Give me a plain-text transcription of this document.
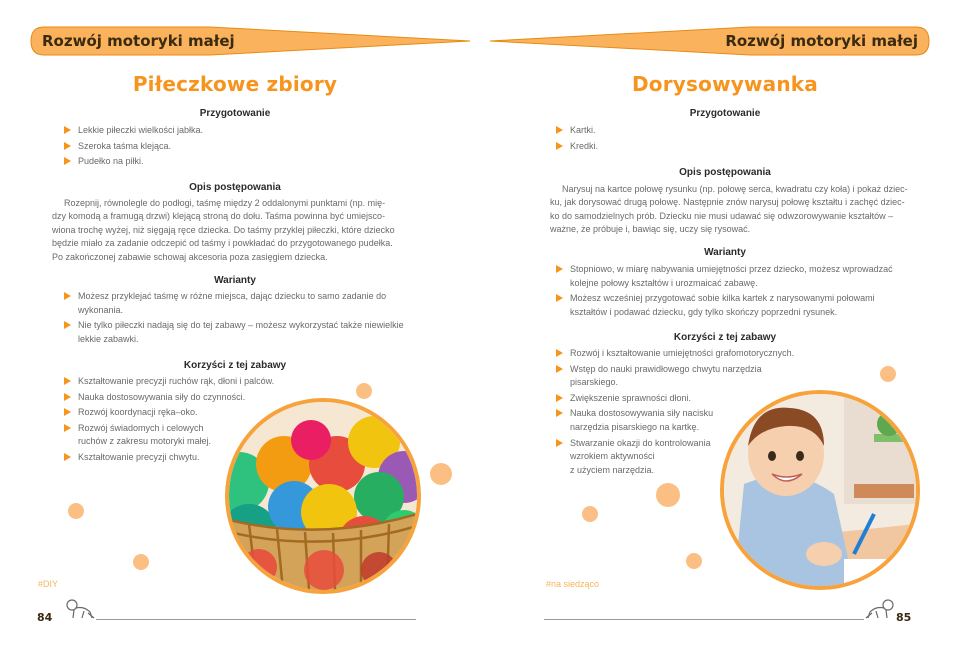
Rozwój motoryki małej
Piłeczkowe zbiory
Przygotowanie
Lekkie piłeczki wielkości jabłka.
Szeroka taśma klejąca.
Pudełko na piłki.
Opis postępowania
Rozepnij, równolegle do podłogi, taśmę między 2 oddalonymi punktami (np. mię-
dzy komodą a framugą drzwi) klejącą stroną do dołu. Taśma powinna być umiejsco-
wiona trochę wyżej, niż sięgają ręce dziecka. Do taśmy przyklej piłeczki, które dziecko
będzie miało za zadanie odczepić od taśmy i powkładać do przygotowanego pudełka.
Po zakończonej zabawie schowaj akcesoria poza zasięgiem dziecka.
Warianty
Możesz przyklejać taśmę w różne miejsca, dając dziecku to samo zadanie do
wykonania.
Nie tylko piłeczki nadają się do tej zabawy – możesz wykorzystać także niewielkie
lekkie zabawki.
Korzyści z tej zabawy
Kształtowanie precyzji ruchów rąk, dłoni i palców.
Nauka dostosowywania siły do czynności.
Rozwój koordynacji ręka–oko.
Rozwój świadomych i celowych
ruchów z zakresu motoryki małej.
Kształtowanie precyzji chwytu.
#DIY
84
Rozwój motoryki małej
Dorysowywanka
Przygotowanie
Kartki.
Kredki.
Opis postępowania
Narysuj na kartce połowę rysunku (np. połowę serca, kwadratu czy koła) i pokaż dziec-
ku, jak dorysować drugą połowę. Następnie znów narysuj połowę kształtu i zachęć dziec-
ko do samodzielnych prób. Dziecku nie musi udawać się odwzorowywanie kształtów –
ważne, że próbuje i, bawiąc się, uczy się rysować.
Warianty
Stopniowo, w miarę nabywania umiejętności przez dziecko, możesz wprowadzać
kolejne połowy kształtów i urozmaicać zabawę.
Możesz wcześniej przygotować sobie kilka kartek z narysowanymi połowami
kształtów i podawać dziecku, gdy tylko skończy poprzedni rysunek.
Korzyści z tej zabawy
Rozwój i kształtowanie umiejętności grafomotorycznych.
Wstęp do nauki prawidłowego chwytu narzędzia pisarskiego.
Zwiększenie sprawności dłoni.
Nauka dostosowywania siły nacisku
narzędzia pisarskiego na kartkę.
Stwarzanie okazji do kontrolowania
wzrokiem aktywności
z użyciem narzędzia.
#na siedząco
85
